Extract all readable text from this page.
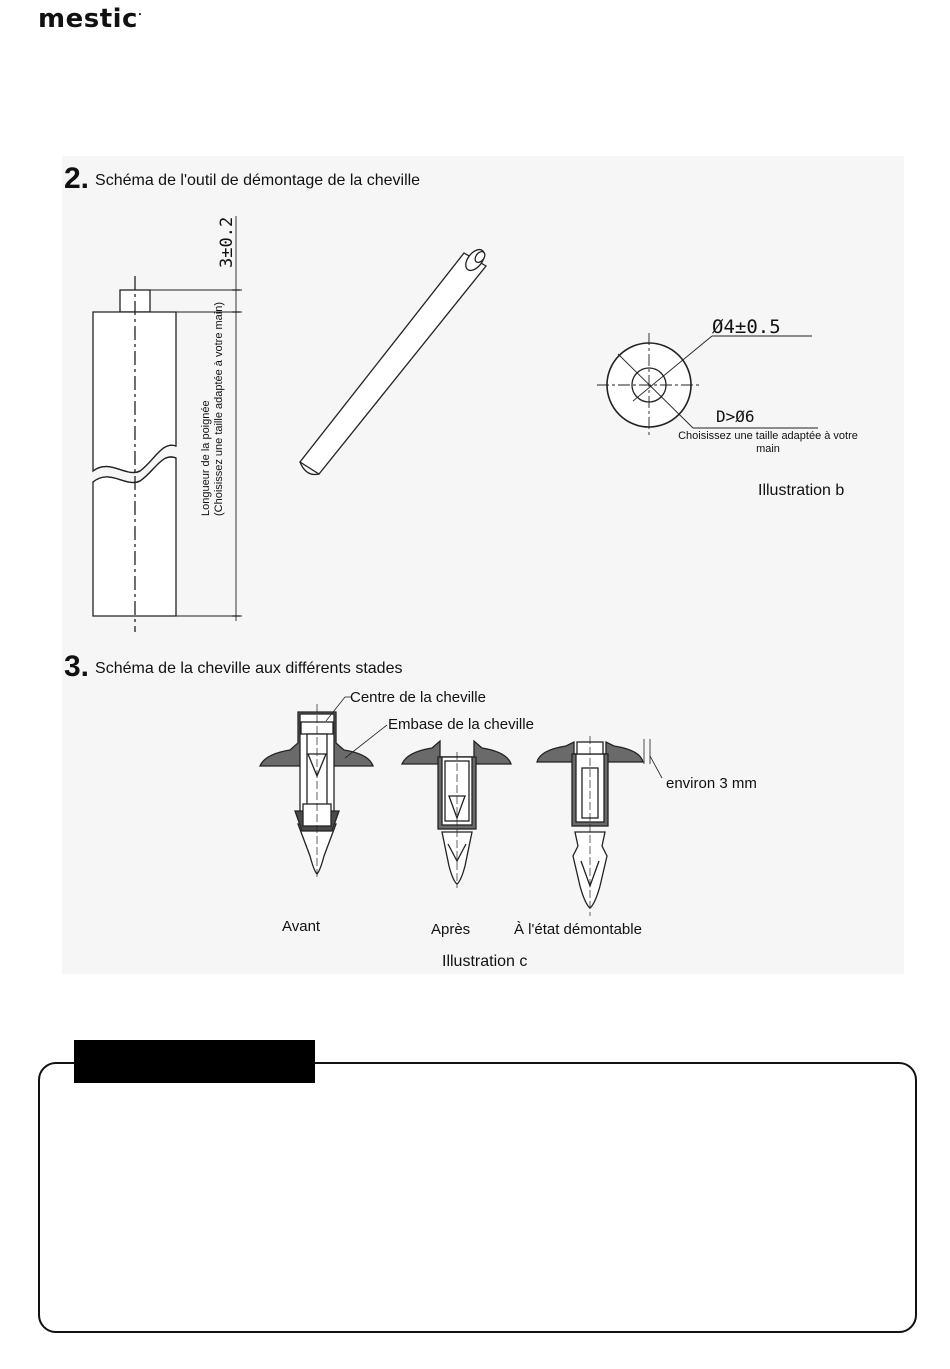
mestic·
2. Schéma de l'outil de démontage de la cheville
3±0.2
Longueur de la poignée (Choisissez une taille adaptée à votre main)	Ø4±0.5
D>Ø6
Choisissez une taille adaptée à votre main
Illustration b
3. Schéma de la cheville aux différents stades
Centre de la cheville
Embase de la cheville
environ 3 mm
Avant	Après	À l'état démontable
Illustration c
